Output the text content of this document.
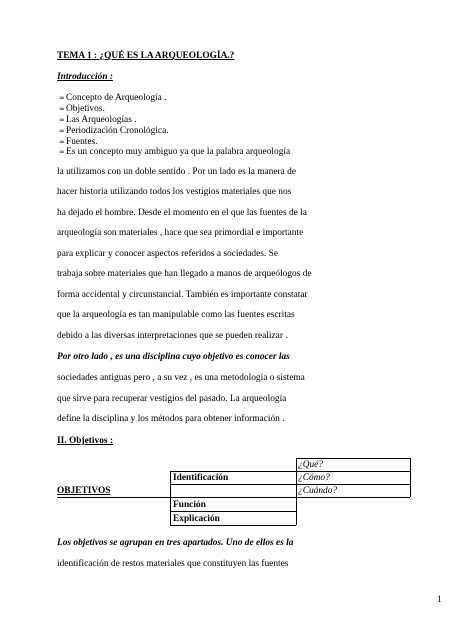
TEMA 1 : ¿QUÉ ES LA ARQUEOLOGÍA.?
Introducción :
∞Concepto de Arqueología .
∞Objetivos.
∞Las Arqueologías .
∞Periodización Cronológica.
∞Fuentes.
∞Es un concepto muy ambiguo ya que la palabra arqueología
la utilizamos con un doble sentido . Por un lado es la manera de
hacer historia utilizando todos los vestigios materiales que nos
ha dejado el hombre. Desde el momento en el que las fuentes de la
arqueología son materiales , hace que sea primordial e importante
para explicar y conocer aspectos referidos a sociedades. Se
trabaja sobre materiales que han llegado a manos de arqueólogos de
forma accidental y circunstancial. También es importante constatar
que la arqueología es tan manipulable como las fuentes escritas
debido a las diversas interpretaciones que se pueden realizar .
Por otro lado , es una disciplina cuyo objetivo es conocer las
sociedades antiguas pero , a su vez , es una metodología o sistema
que sirve para recuperar vestigios del pasado. La arqueología
define la disciplina y los métodos para obtener información .
II. Objetivos :
¿Qué?
Identificación	¿Cómo?
OBJETIVOS	¿Cuándo?
Función
Explicación
Los objetivos se agrupan en tres apartados. Uno de ellos es la
identificación de restos materiales que constituyen las fuentes
1
